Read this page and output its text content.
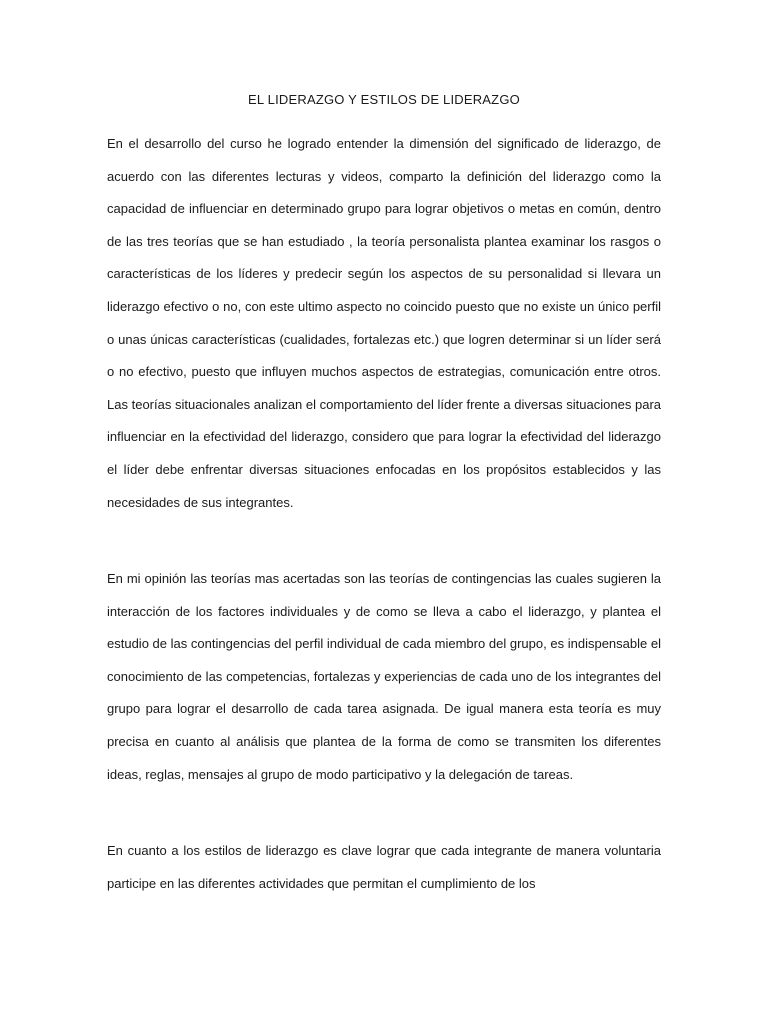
EL LIDERAZGO Y ESTILOS DE LIDERAZGO

En el desarrollo del curso he logrado entender la dimensión del significado de liderazgo, de acuerdo con las diferentes lecturas y videos, comparto la definición del liderazgo como la capacidad de influenciar en determinado grupo para lograr objetivos o metas en común, dentro de las tres teorías que se han estudiado , la teoría personalista plantea examinar los rasgos o características de los líderes y predecir según los aspectos de su personalidad si llevara un liderazgo efectivo o no, con este ultimo aspecto no coincido puesto que no existe un único perfil o unas únicas características (cualidades, fortalezas etc.) que logren determinar si un líder será o no efectivo, puesto que influyen muchos aspectos de estrategias, comunicación entre otros. Las teorías situacionales analizan el comportamiento del líder frente a diversas situaciones para influenciar en la efectividad del liderazgo, considero que para lograr la efectividad del liderazgo el líder debe enfrentar diversas situaciones enfocadas en los propósitos establecidos y las necesidades de sus integrantes.

En mi opinión las teorías mas acertadas son las teorías de contingencias las cuales sugieren la interacción de los factores individuales y de como se lleva a cabo el liderazgo, y plantea el estudio de las contingencias del perfil individual de cada miembro del grupo, es indispensable el conocimiento de las competencias, fortalezas y experiencias de cada uno de los integrantes del grupo para lograr el desarrollo de cada tarea asignada. De igual manera esta teoría es muy precisa en cuanto al análisis que plantea de la forma de como se transmiten los diferentes ideas, reglas, mensajes al grupo de modo participativo y la delegación de tareas.

En cuanto a los estilos de liderazgo es clave lograr que cada integrante de manera voluntaria participe en las diferentes actividades que permitan el cumplimiento de los
